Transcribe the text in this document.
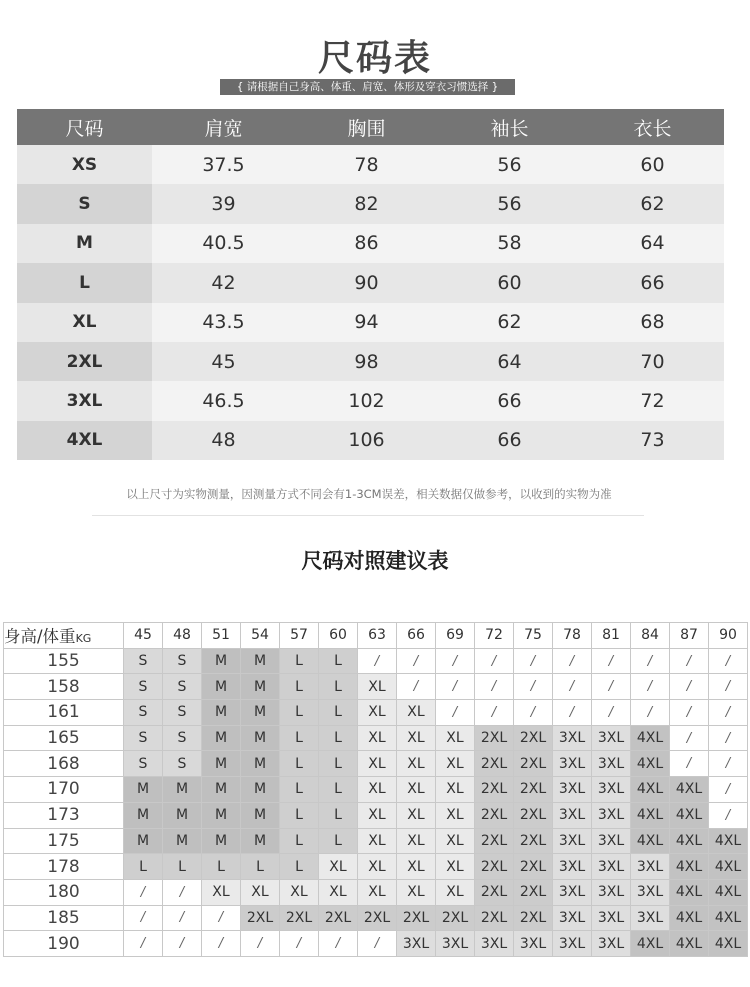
尺码表
{ 请根据自己身高、体重、肩宽、体形及穿衣习惯选择 }
尺码	肩宽	胸围	袖长	衣长
XS	37.5	78	56	60
S	39	82	56	62
M	40.5	86	58	64
L	42	90	60	66
XL	43.5	94	62	68
2XL	45	98	64	70
3XL	46.5	102	66	72
4XL	48	106	66	73
以上尺寸为实物测量，因测量方式不同会有1-3CM误差，相关数据仅做参考，以收到的实物为准
尺码对照建议表
身高/体重KG	45	48	51	54	57	60	63	66	69	72	75	78	81	84	87	90
155	S	S	M	M	L	L	/	/	/	/	/	/	/	/	/	/
158	S	S	M	M	L	L	XL	/	/	/	/	/	/	/	/	/
161	S	S	M	M	L	L	XL	XL	/	/	/	/	/	/	/	/
165	S	S	M	M	L	L	XL	XL	XL	2XL	2XL	3XL	3XL	4XL	/	/
168	S	S	M	M	L	L	XL	XL	XL	2XL	2XL	3XL	3XL	4XL	/	/
170	M	M	M	M	L	L	XL	XL	XL	2XL	2XL	3XL	3XL	4XL	4XL	/
173	M	M	M	M	L	L	XL	XL	XL	2XL	2XL	3XL	3XL	4XL	4XL	/
175	M	M	M	M	L	L	XL	XL	XL	2XL	2XL	3XL	3XL	4XL	4XL	4XL
178	L	L	L	L	L	XL	XL	XL	XL	2XL	2XL	3XL	3XL	3XL	4XL	4XL
180	/	/	XL	XL	XL	XL	XL	XL	XL	2XL	2XL	3XL	3XL	3XL	4XL	4XL
185	/	/	/	2XL	2XL	2XL	2XL	2XL	2XL	2XL	2XL	3XL	3XL	3XL	4XL	4XL
190	/	/	/	/	/	/	/	3XL	3XL	3XL	3XL	3XL	3XL	4XL	4XL	4XL
